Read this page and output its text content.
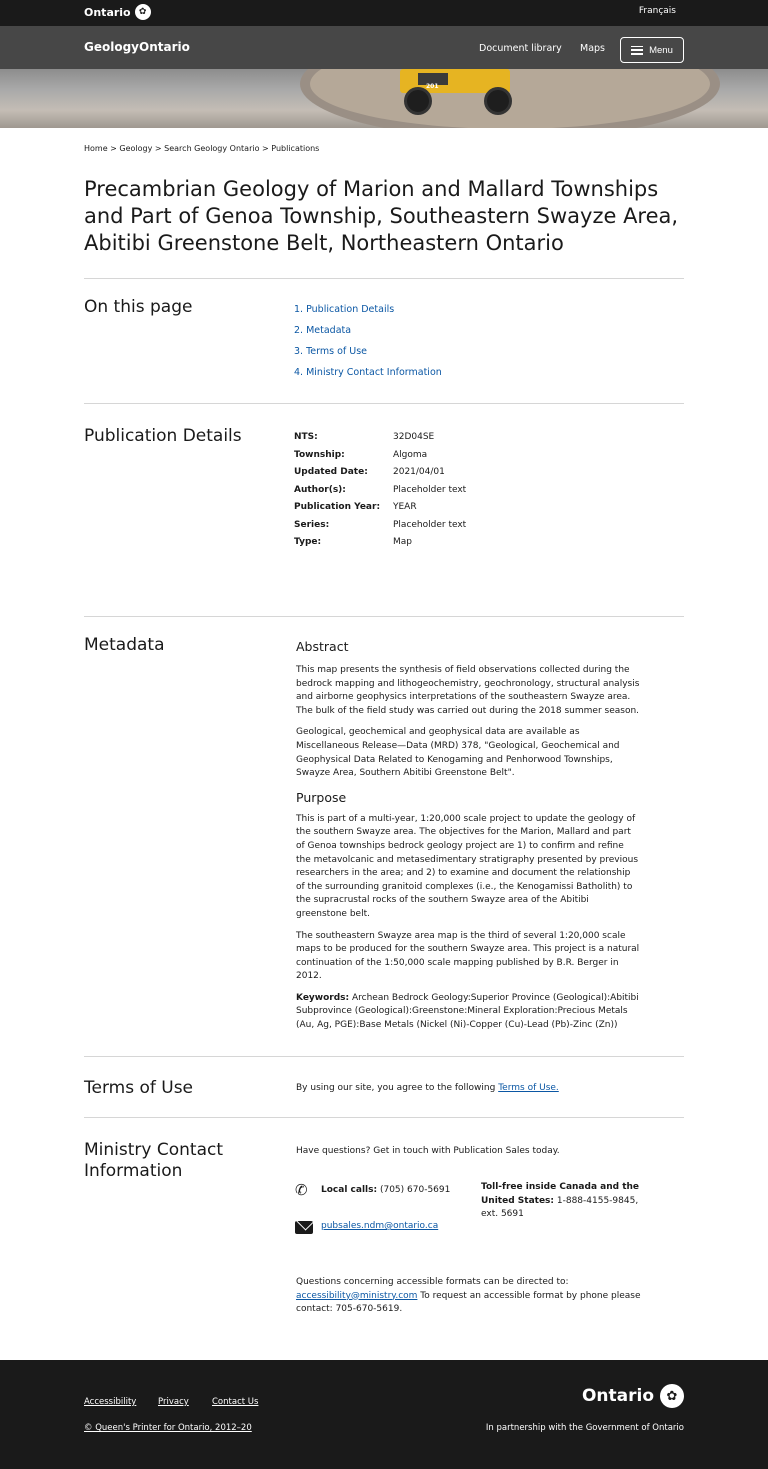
Ontario ✿	Français
GeologyOntario	Document library Maps	Menu
201
Home > Geology > Search Geology Ontario > Publications
Precambrian Geology of Marion and Mallard Townships and Part of Genoa Township, Southeastern Swayze Area, Abitibi Greenstone Belt, Northeastern Ontario
On this page	1. Publication Details
2. Metadata
3. Terms of Use
4. Ministry Contact Information
Publication Details	NTS:	32D04SE
Township:	Algoma
Updated Date:	2021/04/01
Author(s):	Placeholder text
Publication Year:	YEAR
Series:	Placeholder text
Type:	Map
Metadata	Abstract

This map presents the synthesis of field observations collected during the bedrock mapping and lithogeochemistry, geochronology, structural analysis and airborne geophysics interpretations of the southeastern Swayze area. The bulk of the field study was carried out during the 2018 summer season.

Geological, geochemical and geophysical data are available as Miscellaneous Release—Data (MRD) 378, "Geological, Geochemical and Geophysical Data Related to Kenogaming and Penhorwood Townships, Swayze Area, Southern Abitibi Greenstone Belt".

Purpose

This is part of a multi-year, 1:20,000 scale project to update the geology of the southern Swayze area. The objectives for the Marion, Mallard and part of Genoa townships bedrock geology project are 1) to confirm and refine the metavolcanic and metasedimentary stratigraphy presented by previous researchers in the area; and 2) to examine and document the relationship of the surrounding granitoid complexes (i.e., the Kenogamissi Batholith) to the supracrustal rocks of the southern Swayze area of the Abitibi greenstone belt.

The southeastern Swayze area map is the third of several 1:20,000 scale maps to be produced for the southern Swayze area. This project is a natural continuation of the 1:50,000 scale mapping published by B.R. Berger in 2012.

Keywords: Archean Bedrock Geology:Superior Province (Geological):Abitibi Subprovince (Geological):Greenstone:Mineral Exploration:Precious Metals (Au, Ag, PGE):Base Metals (Nickel (Ni)-Copper (Cu)-Lead (Pb)-Zinc (Zn))

Terms of Use	By using our site, you agree to the following Terms of Use.
Ministry Contact Information
Have questions? Get in touch with Publication Sales today.
✆	Local calls: (705) 670-5691	Toll-free inside Canada and the United States: 1-888-4155-9845, ext. 5691
pubsales.ndm@ontario.ca
Questions concerning accessible formats can be directed to: accessibility@ministry.com To request an accessible format by phone please contact: 705-670-5619.
Accessibility	Privacy	Contact Us
© Queen's Printer for Ontario, 2012–20
Ontario ✿
In partnership with the Government of Ontario
